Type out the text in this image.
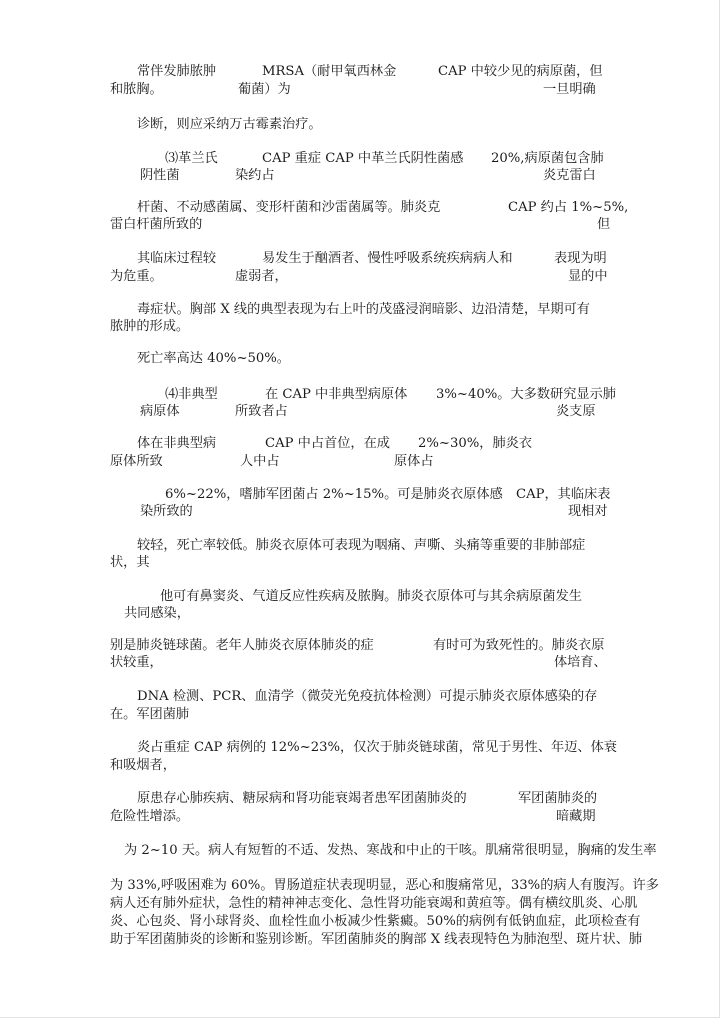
常伴发肺脓肿	MRSA（耐甲氧西林金	CAP 中较少见的病原菌，但
和脓胸。	葡菌）为	一旦明确
诊断，则应采纳万古霉素治疗。
⑶革兰氏	CAP 重症 CAP 中革兰氏阴性菌感 20%,病原菌包含肺
阴性菌	染约占	炎克雷白
杆菌、不动感菌属、变形杆菌和沙雷菌属等。肺炎克	CAP 约占 1%~5%,
雷白杆菌所致的	但
其临床过程较	易发生于酗酒者、慢性呼吸系统疾病病人和	表现为明
为危重。	虚弱者，	显的中
毒症状。胸部 X 线的典型表现为右上叶的茂盛浸润暗影、边沿清楚，早期可有
脓肿的形成。
死亡率高达 40%~50%。
⑷非典型	在 CAP 中非典型病原体 3%~40%。大多数研究显示肺
病原体	所致者占	炎支原
体在非典型病	CAP 中占首位，在成 2%~30%，肺炎衣
原体所致	人中占	原体占
6%~22%，嗜肺军团菌占 2%~15%。可是肺炎衣原体感 CAP，其临床表
染所致的	现相对
较轻，死亡率较低。肺炎衣原体可表现为咽痛、声嘶、头痛等重要的非肺部症
状，其
他可有鼻窦炎、气道反应性疾病及脓胸。肺炎衣原体可与其余病原菌发生
共同感染，
别是肺炎链球菌。老年人肺炎衣原体肺炎的症	有时可为致死性的。肺炎衣原
状较重，	体培育、
DNA 检测、PCR、血清学（微荧光免疫抗体检测）可提示肺炎衣原体感染的存
在。军团菌肺
炎占重症 CAP 病例的 12%~23%，仅次于肺炎链球菌，常见于男性、年迈、体衰
和吸烟者，
原患存心肺疾病、糖尿病和肾功能衰竭者患军团菌肺炎的	军团菌肺炎的
危险性增添。	暗藏期
为 2~10 天。病人有短暂的不适、发热、寒战和中止的干咳。肌痛常很明显，胸痛的发生率
为 33%,呼吸困难为 60%。胃肠道症状表现明显，恶心和腹痛常见，33%的病人有腹泻。许多
病人还有肺外症状，急性的精神神志变化、急性肾功能衰竭和黄疸等。偶有横纹肌炎、心肌
炎、心包炎、肾小球肾炎、血栓性血小板减少性紫癜。50%的病例有低钠血症，此项检查有
助于军团菌肺炎的诊断和鉴别诊断。军团菌肺炎的胸部 X 线表现特色为肺泡型、斑片状、肺
